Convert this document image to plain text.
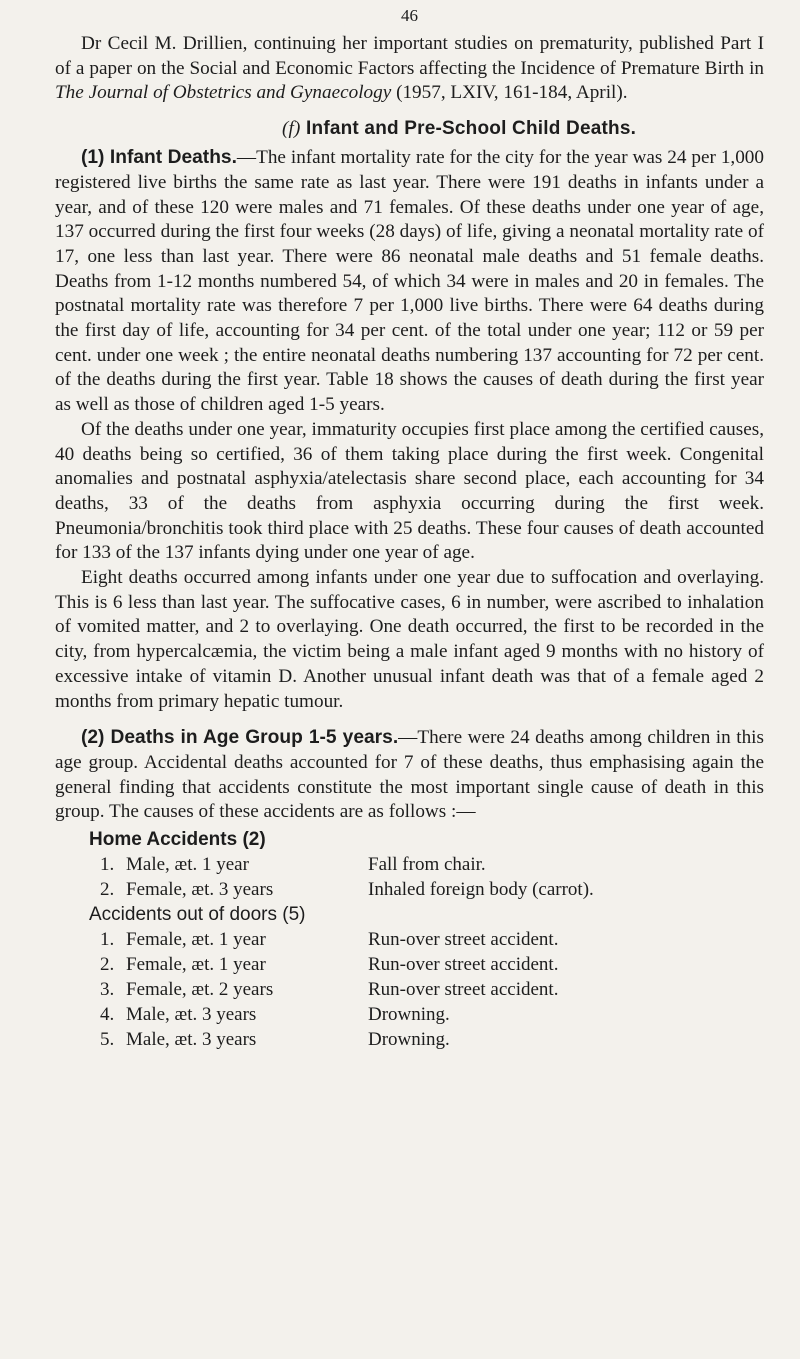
46

Dr Cecil M. Drillien, continuing her important studies on prematurity, published Part I of a paper on the Social and Economic Factors affecting the Incidence of Premature Birth in The Journal of Obstetrics and Gynaecology (1957, LXIV, 161-184, April).

(f) Infant and Pre-School Child Deaths.

(1) Infant Deaths.—The infant mortality rate for the city for the year was 24 per 1,000 registered live births the same rate as last year. There were 191 deaths in infants under a year, and of these 120 were males and 71 females. Of these deaths under one year of age, 137 occurred during the first four weeks (28 days) of life, giving a neonatal mortality rate of 17, one less than last year. There were 86 neonatal male deaths and 51 female deaths. Deaths from 1-12 months numbered 54, of which 34 were in males and 20 in females. The postnatal mortality rate was therefore 7 per 1,000 live births. There were 64 deaths during the first day of life, accounting for 34 per cent. of the total under one year; 112 or 59 per cent. under one week ; the entire neonatal deaths numbering 137 accounting for 72 per cent. of the deaths during the first year. Table 18 shows the causes of death during the first year as well as those of children aged 1-5 years.

Of the deaths under one year, immaturity occupies first place among the certified causes, 40 deaths being so certified, 36 of them taking place during the first week. Congenital anomalies and postnatal asphyxia/atelectasis share second place, each accounting for 34 deaths, 33 of the deaths from asphyxia occurring during the first week. Pneumonia/bronchitis took third place with 25 deaths. These four causes of death accounted for 133 of the 137 infants dying under one year of age.

Eight deaths occurred among infants under one year due to suffocation and overlaying. This is 6 less than last year. The suffocative cases, 6 in number, were ascribed to inhalation of vomited matter, and 2 to overlaying. One death occurred, the first to be recorded in the city, from hypercalcæmia, the victim being a male infant aged 9 months with no history of excessive intake of vitamin D. Another unusual infant death was that of a female aged 2 months from primary hepatic tumour.

(2) Deaths in Age Group 1-5 years.—There were 24 deaths among children in this age group. Accidental deaths accounted for 7 of these deaths, thus emphasising again the general finding that accidents constitute the most important single cause of death in this group. The causes of these accidents are as follows :—

Home Accidents (2)
1. Male, æt. 1 year	Fall from chair.
2. Female, æt. 3 years	Inhaled foreign body (carrot).
Accidents out of doors (5)
1. Female, æt. 1 year	Run-over street accident.
2. Female, æt. 1 year	Run-over street accident.
3. Female, æt. 2 years	Run-over street accident.
4. Male, æt. 3 years	Drowning.
5. Male, æt. 3 years	Drowning.
